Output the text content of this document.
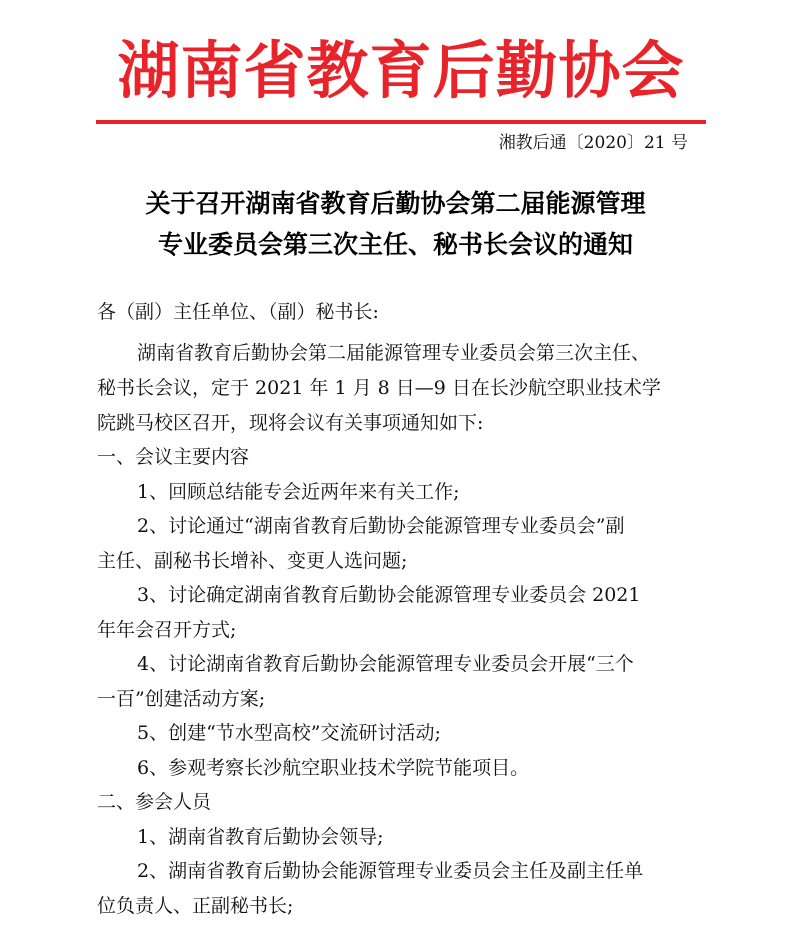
湖南省教育后勤协会
湘教后通〔2020〕21 号
关于召开湖南省教育后勤协会第二届能源管理
专业委员会第三次主任、秘书长会议的通知
各（副）主任单位、（副）秘书长:
湖南省教育后勤协会第二届能源管理专业委员会第三次主任、
秘书长会议，定于 2021 年 1 月 8 日—9 日在长沙航空职业技术学
院跳马校区召开，现将会议有关事项通知如下:
一、会议主要内容
1、回顾总结能专会近两年来有关工作;
2、讨论通过“湖南省教育后勤协会能源管理专业委员会”副
主任、副秘书长增补、变更人选问题;
3、讨论确定湖南省教育后勤协会能源管理专业委员会 2021
年年会召开方式;
4、讨论湖南省教育后勤协会能源管理专业委员会开展“三个
一百”创建活动方案;
5、创建“节水型高校”交流研讨活动;
6、参观考察长沙航空职业技术学院节能项目。
二、参会人员
1、湖南省教育后勤协会领导;
2、湖南省教育后勤协会能源管理专业委员会主任及副主任单
位负责人、正副秘书长;
